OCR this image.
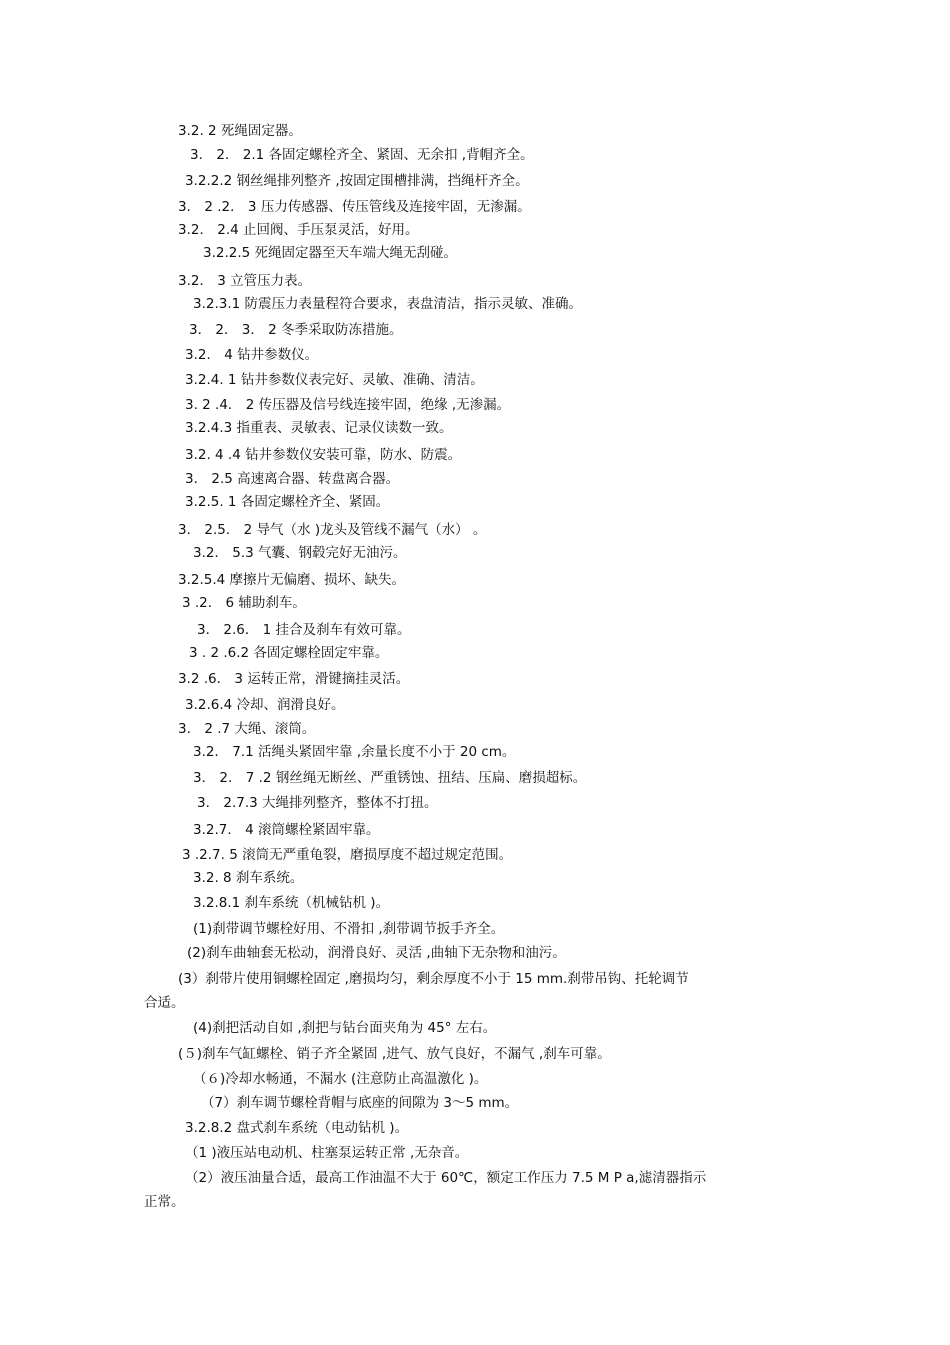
3.2. 2 死绳固定器。
3． 2． 2.1 各固定螺栓齐全、紧固、无余扣 ,背帽齐全。
3.2.2.2 钢丝绳排列整齐 ,按固定围槽排满，挡绳杆齐全。
3． 2 .2． 3 压力传感器、传压管线及连接牢固，无渗漏。
3.2． 2.4 止回阀、手压泵灵活，好用。
3.2.2.5 死绳固定器至天车端大绳无刮碰。
3.2． 3 立管压力表。
3.2.3.1 防震压力表量程符合要求，表盘清洁，指示灵敏、准确。
3． 2． 3． 2 冬季采取防冻措施。
3.2． 4 钻井参数仪。
3.2.4. 1 钻井参数仪表完好、灵敏、准确、清洁。
3. 2 .4． 2 传压器及信号线连接牢固，绝缘 ,无渗漏。
3.2.4.3 指重表、灵敏表、记录仪读数一致。
3.2. 4 .4 钻井参数仪安装可靠，防水、防震。
3． 2.5 高速离合器、转盘离合器。
3.2.5. 1 各固定螺栓齐全、紧固。
3． 2.5． 2 导气（水 )龙头及管线不漏气（水） 。
3.2． 5.3 气囊、钢毂完好无油污。
3.2.5.4 摩擦片无偏磨、损坏、缺失。
3 .2． 6 辅助刹车。
3． 2.6． 1 挂合及刹车有效可靠。
3 . 2 .6.2 各固定螺栓固定牢靠。
3.2 .6． 3 运转正常，滑键摘挂灵活。
3.2.6.4 冷却、润滑良好。
3． 2 .7 大绳、滚筒。
3.2． 7.1 活绳头紧固牢靠 ,余量长度不小于 20 cm。
3． 2． 7 .2 钢丝绳无断丝、严重锈蚀、扭结、压扁、磨损超标。
3． 2.7.3 大绳排列整齐，整体不打扭。
3.2.7． 4 滚筒螺栓紧固牢靠。
3 .2.7. 5 滚筒无严重龟裂，磨损厚度不超过规定范围。
3.2. 8 刹车系统。
3.2.8.1 刹车系统（机械钻机 )。
(1)刹带调节螺栓好用、不滑扣 ,刹带调节扳手齐全。
(2)刹车曲轴套无松动，润滑良好、灵活 ,曲轴下无杂物和油污。
(3）刹带片使用铜螺栓固定 ,磨损均匀，剩余厚度不小于 15 mm.刹带吊钩、托轮调节
合适。
(4)刹把活动自如 ,刹把与钻台面夹角为 45° 左右。
(５)刹车气缸螺栓、销子齐全紧固 ,进气、放气良好，不漏气 ,刹车可靠。
（６)冷却水畅通，不漏水 (注意防止高温激化 )。
（7）刹车调节螺栓背帽与底座的间隙为 3～5 mm。
3.2.8.2 盘式刹车系统（电动钻机 )。
（1 )液压站电动机、柱塞泵运转正常 ,无杂音。
（2）液压油量合适，最高工作油温不大于 60℃，额定工作压力 7.5 M P a,滤清器指示
正常。
